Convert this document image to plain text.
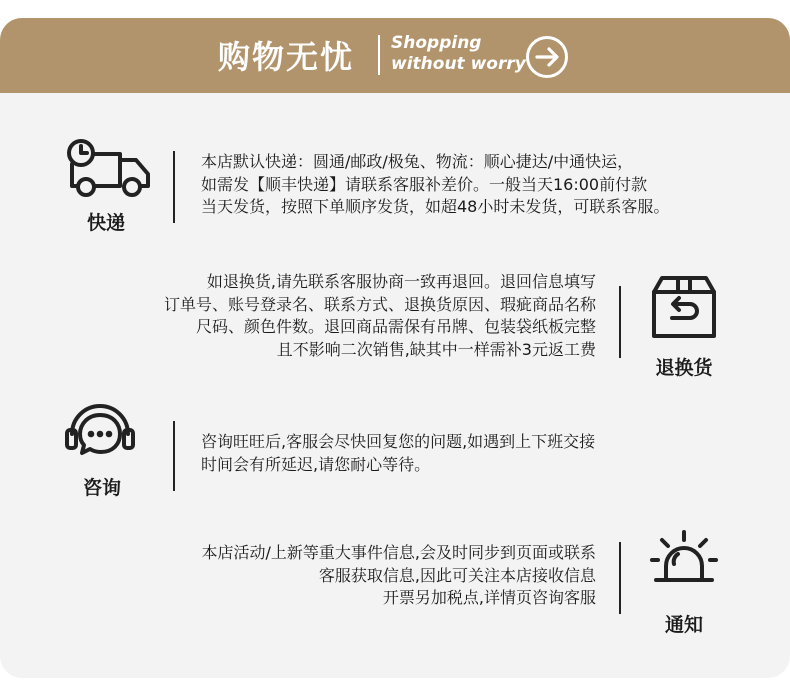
购物无忧 Shopping
without worry
快递

本店默认快递：圆通/邮政/极兔、物流：顺心捷达/中通快运，

如需发【顺丰快递】请联系客服补差价。一般当天16:00前付款

当天发货，按照下单顺序发货，如超48小时未发货，可联系客服。

如退换货,请先联系客服协商一致再退回。退回信息填写

订单号、账号登录名、联系方式、退换货原因、瑕疵商品名称

尺码、颜色件数。退回商品需保有吊牌、包装袋纸板完整

且不影响二次销售,缺其中一样需补3元返工费

退换货
咨询

咨询旺旺后,客服会尽快回复您的问题,如遇到上下班交接

时间会有所延迟,请您耐心等待。

本店活动/上新等重大事件信息,会及时同步到页面或联系

客服获取信息,因此可关注本店接收信息

开票另加税点,详情页咨询客服

通知
